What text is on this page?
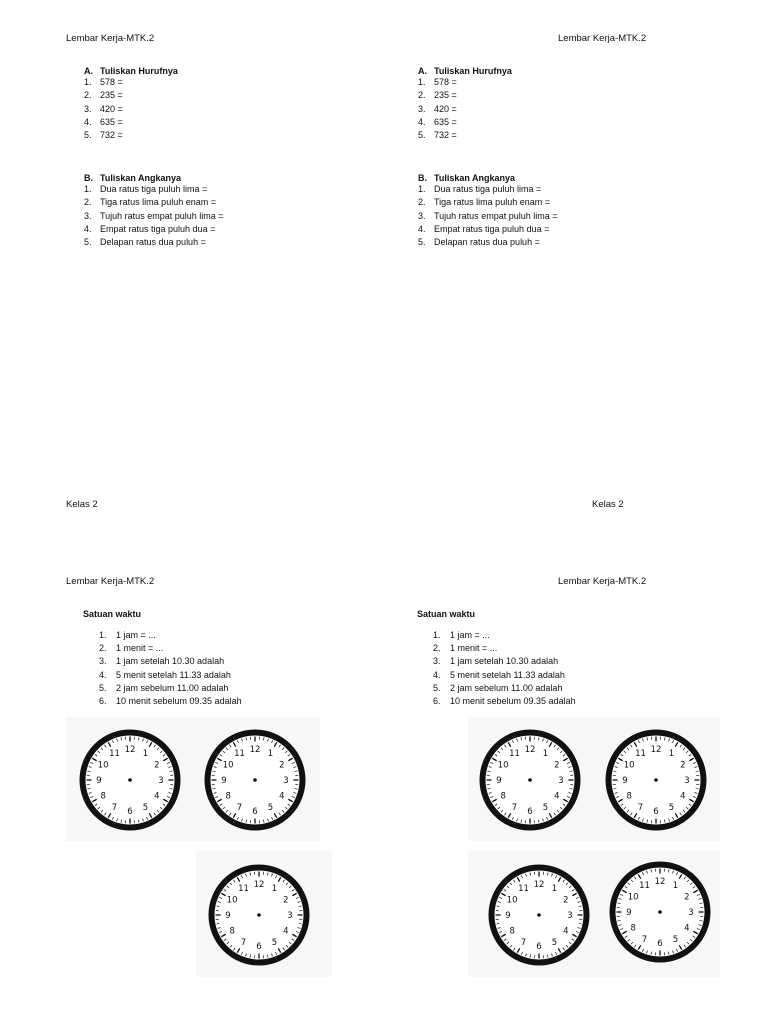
Lembar Kerja-MTK.2
A. Tuliskan Hurufnya
1. 578 =
2. 235 =
3. 420 =
4. 635 =
5. 732 =
B. Tuliskan Angkanya
1. Dua ratus tiga puluh lima =
2. Tiga ratus lima puluh enam =
3. Tujuh ratus empat puluh lima =
4. Empat ratus tiga puluh dua =
5. Delapan ratus dua puluh =
Lembar Kerja-MTK.2
A. Tuliskan Hurufnya
1. 578 =
2. 235 =
3. 420 =
4. 635 =
5. 732 =
B. Tuliskan Angkanya
1. Dua ratus tiga puluh lima =
2. Tiga ratus lima puluh enam =
3. Tujuh ratus empat puluh lima =
4. Empat ratus tiga puluh dua =
5. Delapan ratus dua puluh =
Kelas 2	Kelas 2
Lembar Kerja-MTK.2
Satuan waktu
1. 1 jam = ...
2. 1 menit = ...
3. 1 jam setelah 10.30 adalah
4. 5 menit setelah 11.33 adalah
5. 2 jam sebelum 11.00 adalah
6. 10 menit sebelum 09.35 adalah
Lembar Kerja-MTK.2
Satuan waktu
1. 1 jam = ...
2. 1 menit = ...
3. 1 jam setelah 10.30 adalah
4. 5 menit setelah 11.33 adalah
5. 2 jam sebelum 11.00 adalah
6. 10 menit sebelum 09.35 adalah
12 1
2
3
4
5
6
7
8
9
10
11	12 1
2
3
4
5
6
7
8
9
10
11
12 1
2
3
4
5
6
7
8
9
10
11
12 1
2
3
4
5
6
7
8
9
10
11	12 1
2
3
4
5
6
7
8
9
10
11
12 1
2
3
4
5
6
7
8
9
10
11
12 1
2
3
4
5
6
7
8
9
10
11
